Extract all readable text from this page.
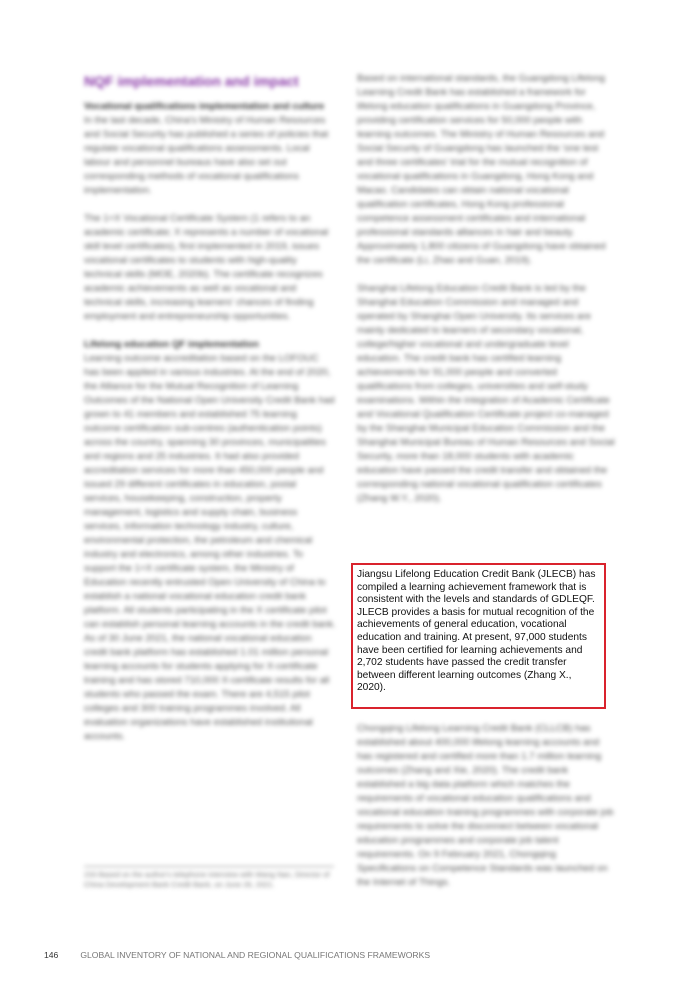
NQF implementation and impact

Vocational qualifications implementation and culture

In the last decade, China's Ministry of Human Resources and Social Security has published a series of policies that regulate vocational qualifications assessments. Local labour and personnel bureaus have also set out corresponding methods of vocational qualifications implementation.

The 1+X Vocational Certificate System (1 refers to an academic certificate; X represents a number of vocational skill level certificates), first implemented in 2019, issues vocational certificates to students with high-quality technical skills (MOE, 2020b). The certificate recognizes academic achievements as well as vocational and technical skills, increasing learners' chances of finding employment and entrepreneurship opportunities.

Lifelong education QF implementation

Learning outcome accreditation based on the LOFOUC has been applied in various industries. At the end of 2020, the Alliance for the Mutual Recognition of Learning Outcomes of the National Open University Credit Bank had grown to 41 members and established 75 learning outcome certification sub-centres (authentication points) across the country, spanning 30 provinces, municipalities and regions and 25 industries. It had also provided accreditation services for more than 450,000 people and issued 29 different certificates in education, postal services, housekeeping, construction, property management, logistics and supply chain, business services, information technology industry, culture, environmental protection, the petroleum and chemical industry and electronics, among other industries. To support the 1+X certificate system, the Ministry of Education recently entrusted Open University of China to establish a national vocational education credit bank platform. All students participating in the X certificate pilot can establish personal learning accounts in the credit bank. As of 30 June 2021, the national vocational education credit bank platform has established 1.01 million personal learning accounts for students applying for X-certificate training and has stored 710,000 X-certificate results for all students who passed the exam. There are 4,515 pilot colleges and 300 training programmes involved. All evaluation organizations have established institutional accounts.

233 Based on the author's telephone interview with Wang Nan, Director of China Development Bank Credit Bank, on June 26, 2021.

Based on international standards, the Guangdong Lifelong Learning Credit Bank has established a framework for lifelong education qualifications in Guangdong Province, providing certification services for 50,000 people with learning outcomes. The Ministry of Human Resources and Social Security of Guangdong has launched the 'one test and three certificates' trial for the mutual recognition of vocational qualifications in Guangdong, Hong Kong and Macao. Candidates can obtain national vocational qualification certificates, Hong Kong professional competence assessment certificates and international professional standards alliances in hair and beauty. Approximately 1,800 citizens of Guangdong have obtained the certificate (Li, Zhao and Guan, 2019).

Shanghai Lifelong Education Credit Bank is led by the Shanghai Education Commission and managed and operated by Shanghai Open University. Its services are mainly dedicated to learners of secondary vocational, college/higher vocational and undergraduate level education. The credit bank has certified learning achievements for 91,000 people and converted qualifications from colleges, universities and self-study examinations. Within the integration of Academic Certificate and Vocational Qualification Certificate project co-managed by the Shanghai Municipal Education Commission and the Shanghai Municipal Bureau of Human Resources and Social Security, more than 18,000 students with academic education have passed the credit transfer and obtained the corresponding national vocational qualification certificates (Zhang W.Y., 2020).

Chongqing Lifelong Learning Credit Bank (CLLCB) has established about 400,000 lifelong learning accounts and has registered and certified more than 1.7 million learning outcomes (Zhang and Xie, 2020). The credit bank established a big data platform which matches the requirements of vocational education qualifications and vocational education training programmes with corporate job requirements to solve the disconnect between vocational education programmes and corporate job talent requirements. On 9 February 2021, Chongqing Specifications on Competence Standards was launched on the Internet of Things.

Jiangsu Lifelong Education Credit Bank (JLECB) has compiled a learning achievement framework that is consistent with the levels and standards of GDLEQF. JLECB provides a basis for mutual recognition of the achievements of general education, vocational education and training. At present, 97,000 students have been certified for learning achievements and 2,702 students have passed the credit transfer between different learning outcomes (Zhang X., 2020).

146	GLOBAL INVENTORY OF NATIONAL AND REGIONAL QUALIFICATIONS FRAMEWORKS
